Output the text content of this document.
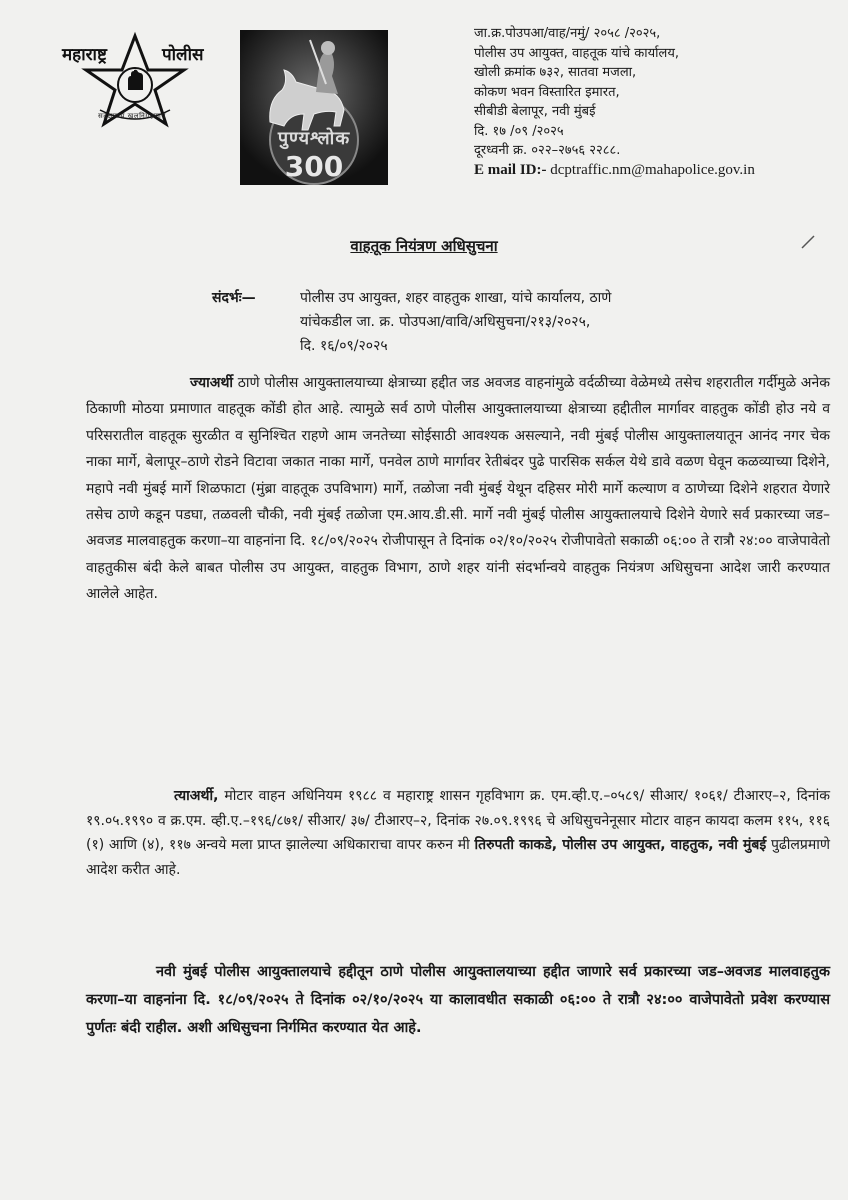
महाराष्ट्र	पोलीस
सद्रक्षणाय खलनिग्रहणाय
पुण्यश्लोक
300
जा.क्र.पोउपआ/वाह/नमुं/ २०५८ /२०२५,
पोलीस उप आयुक्त, वाहतूक यांचे कार्यालय,
खोली क्रमांक ७३२, सातवा मजला,
कोकण भवन विस्तारित इमारत,
सीबीडी बेलापूर, नवी मुंबई
दि. १७ /०९ /२०२५
दूरध्वनी क्र. ०२२–२७५६ २२८८.
E mail ID:- dcptraffic.nm@mahapolice.gov.in
वाहतूक नियंत्रण अधिसुचना
संदर्भः—	पोलीस उप आयुक्त, शहर वाहतुक शाखा, यांचे कार्यालय, ठाणे
यांचेकडील जा. क्र. पोउपआ/वावि/अधिसुचना/२१३/२०२५,
दि. १६/०९/२०२५
ज्याअर्थी ठाणे पोलीस आयुक्तालयाच्या क्षेत्राच्या हद्दीत जड अवजड वाहनांमुळे वर्दळीच्या वेळेमध्ये तसेच शहरातील गर्दीमुळे अनेक ठिकाणी मोठया प्रमाणात वाहतूक कोंडी होत आहे. त्यामुळे सर्व ठाणे पोलीस आयुक्तालयाच्या क्षेत्राच्या हद्दीतील मार्गावर वाहतुक कोंडी होउ नये व परिसरातील वाहतूक सुरळीत व सुनिश्चित राहणे आम जनतेच्या सोईसाठी आवश्यक असल्याने, नवी मुंबई पोलीस आयुक्तालयातून आनंद नगर चेक नाका मार्गे, बेलापूर–ठाणे रोडने विटावा जकात नाका मार्गे, पनवेल ठाणे मार्गावर रेतीबंदर पुढे पारसिक सर्कल येथे डावे वळण घेवून कळव्याच्या दिशेने, महापे नवी मुंबई मार्गे शिळफाटा (मुंब्रा वाहतूक उपविभाग) मार्गे, तळोजा नवी मुंबई येथून दहिसर मोरी मार्गे कल्याण व ठाणेच्या दिशेने शहरात येणारे तसेच ठाणे कडून पडघा, तळवली चौकी, नवी मुंबई तळोजा एम.आय.डी.सी. मार्गे नवी मुंबई पोलीस आयुक्तालयाचे दिशेने येणारे सर्व प्रकारच्या जड–अवजड मालवाहतुक करणा–या वाहनांना दि. १८/०९/२०२५ रोजीपासून ते दिनांक ०२/१०/२०२५ रोजीपावेतो सकाळी ०६:०० ते रात्रौ २४:०० वाजेपावेतो वाहतुकीस बंदी केले बाबत पोलीस उप आयुक्त, वाहतुक विभाग, ठाणे शहर यांनी संदर्भान्वये वाहतुक नियंत्रण अधिसुचना आदेश जारी करण्यात आलेले आहेत.
त्याअर्थी, मोटार वाहन अधिनियम १९८८ व महाराष्ट्र शासन गृहविभाग क्र. एम.व्ही.ए.–०५८९/ सीआर/ १०६१/ टीआरए–२, दिनांक १९.०५.१९९० व क्र.एम. व्ही.ए.–१९६/८७१/ सीआर/ ३७/ टीआरए–२, दिनांक २७.०९.१९९६ चे अधिसुचनेनूसार मोटार वाहन कायदा कलम ११५, ११६ (१) आणि (४), ११७ अन्वये मला प्राप्त झालेल्या अधिकाराचा वापर करुन मी तिरुपती काकडे, पोलीस उप आयुक्त, वाहतुक, नवी मुंबई पुढीलप्रमाणे आदेश करीत आहे.
नवी मुंबई पोलीस आयुक्तालयाचे हद्दीतून ठाणे पोलीस आयुक्तालयाच्या हद्दीत जाणारे सर्व प्रकारच्या जड–अवजड मालवाहतुक करणा–या वाहनांना दि. १८/०९/२०२५ ते दिनांक ०२/१०/२०२५ या कालावधीत सकाळी ०६:०० ते रात्रौ २४:०० वाजेपावेतो प्रवेश करण्यास पुर्णतः बंदी राहील. अशी अधिसुचना निर्गमित करण्यात येत आहे.
